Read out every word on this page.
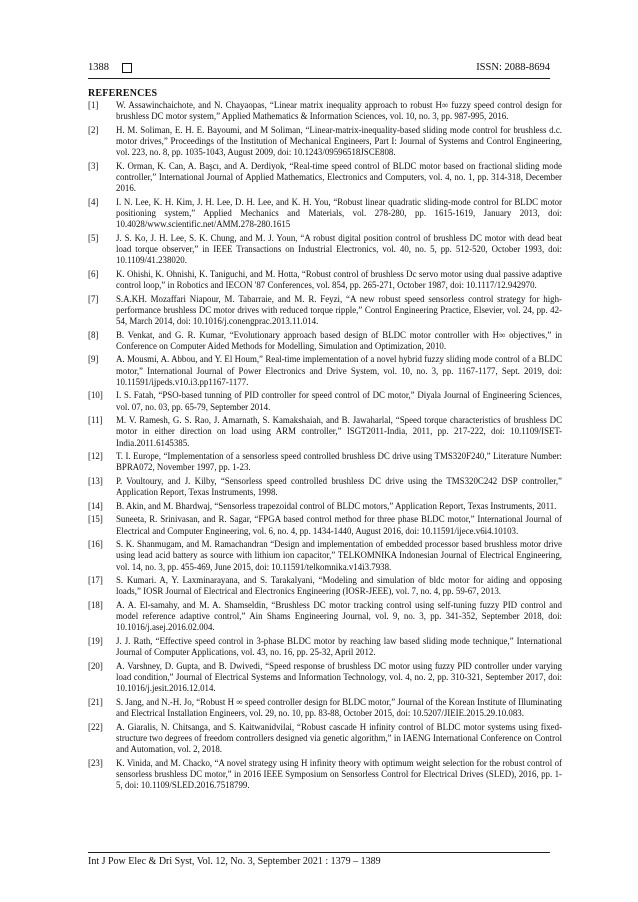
1388	ISSN: 2088-8694
REFERENCES
[1]	W. Assawinchaichote, and N. Chayaopas, “Linear matrix inequality approach to robust H∞ fuzzy speed control design for brushless DC motor system,” Applied Mathematics & Information Sciences, vol. 10, no. 3, pp. 987-995, 2016.
[2]	H. M. Soliman, E. H. E. Bayoumi, and M Soliman, “Linear-matrix-inequality-based sliding mode control for brushless d.c. motor drives,” Proceedings of the Institution of Mechanical Engineers, Part I: Journal of Systems and Control Engineering, vol. 223, no. 8, pp. 1035-1043, August 2009, doi: 10.1243/09596518JSCE808.
[3]	K. Orman, K. Can, A. Başcı, and A. Derdiyok, “Real-time speed control of BLDC motor based on fractional sliding mode controller,” International Journal of Applied Mathematics, Electronics and Computers, vol. 4, no. 1, pp. 314-318, December 2016.
[4]	I. N. Lee, K. H. Kim, J. H. Lee, D. H. Lee, and K. H. You, “Robust linear quadratic sliding-mode control for BLDC motor positioning system,” Applied Mechanics and Materials, vol. 278-280, pp. 1615-1619, January 2013, doi: 10.4028/www.scientific.net/AMM.278-280.1615
[5]	J. S. Ko, J. H. Lee, S. K. Chung, and M. J. Youn, “A robust digital position control of brushless DC motor with dead beat load torque observer,” in IEEE Transactions on Industrial Electronics, vol. 40, no. 5, pp. 512-520, October 1993, doi: 10.1109/41.238020.
[6]	K. Ohishi, K. Ohnishi, K. Taniguchi, and M. Hotta, “Robust control of brushless Dc servo motor using dual passive adaptive control loop,” in Robotics and IECON '87 Conferences, vol. 854, pp. 265-271, October 1987, doi: 10.1117/12.942970.
[7]	S.A.KH. Mozaffari Niapour, M. Tabarraie, and M. R. Feyzi, “A new robust speed sensorless control strategy for high-performance brushless DC motor drives with reduced torque ripple,” Control Engineering Practice, Elsevier, vol. 24, pp. 42-54, March 2014, doi: 10.1016/j.conengprac.2013.11.014.
[8]	B. Venkat, and G. R. Kumar, “Evolutionary approach based design of BLDC motor controller with H∞ objectives,” in Conference on Computer Aided Methods for Modelling, Simulation and Optimization, 2010.
[9]	A. Mousmi, A. Abbou, and Y. El Houm,” Real-time implementation of a novel hybrid fuzzy sliding mode control of a BLDC motor,” International Journal of Power Electronics and Drive System, vol. 10, no. 3, pp. 1167-1177, Sept. 2019, doi: 10.11591/ijpeds.v10.i3.pp1167-1177.
[10]	I. S. Fatah, “PSO-based tunning of PID controller for speed control of DC motor,” Diyala Journal of Engineering Sciences, vol. 07, no. 03, pp. 65-79, September 2014.
[11]	M. V. Ramesh, G. S. Rao, J. Amarnath, S. Kamakshaiah, and B. Jawaharlal, “Speed torque characteristics of brushless DC motor in either direction on load using ARM controller,” ISGT2011-India, 2011, pp. 217-222, doi: 10.1109/ISET-India.2011.6145385.
[12]	T. I. Europe, “Implementation of a sensorless speed controlled brushless DC drive using TMS320F240,” Literature Number: BPRA072, November 1997, pp. 1-23.
[13]	P. Voultoury, and J. Kilby, “Sensorless speed controlled brushless DC drive using the TMS320C242 DSP controller,” Application Report, Texas Instruments, 1998.
[14]	B. Akin, and M. Bhardwaj, “Sensorless trapezoidal control of BLDC motors,” Application Report, Texas Instruments, 2011.
[15]	Suneeta, R. Srinivasan, and R. Sagar, “FPGA based control method for three phase BLDC motor,” International Journal of Electrical and Computer Engineering, vol. 6, no. 4, pp. 1434-1440, August 2016, doi: 10.11591/ijece.v6i4.10103.
[16]	S. K. Shanmugam, and M. Ramachandran “Design and implementation of embedded processor based brushless motor drive using lead acid battery as source with lithium ion capacitor,” TELKOMNIKA Indonesian Journal of Electrical Engineering, vol. 14, no. 3, pp. 455-469, June 2015, doi: 10.11591/telkomnika.v14i3.7938.
[17]	S. Kumari. A, Y. Laxminarayana, and S. Tarakalyani, “Modeling and simulation of bldc motor for aiding and opposing loads,” IOSR Journal of Electrical and Electronics Engineering (IOSR-JEEE), vol. 7, no. 4, pp. 59-67, 2013.
[18]	A. A. El-samahy, and M. A. Shamseldin, “Brushless DC motor tracking control using self-tuning fuzzy PID control and model reference adaptive control,” Ain Shams Engineering Journal, vol. 9, no. 3, pp. 341-352, September 2018, doi: 10.1016/j.asej.2016.02.004.
[19]	J. J. Rath, “Effective speed control in 3-phase BLDC motor by reaching law based sliding mode technique,” International Journal of Computer Applications, vol. 43, no. 16, pp. 25-32, April 2012.
[20]	A. Varshney, D. Gupta, and B. Dwivedi, “Speed response of brushless DC motor using fuzzy PID controller under varying load condition,” Journal of Electrical Systems and Information Technology, vol. 4, no. 2, pp. 310-321, September 2017, doi: 10.1016/j.jesit.2016.12.014.
[21]	S. Jang, and N.-H. Jo, “Robust H ∞ speed controller design for BLDC motor,” Journal of the Korean Institute of Illuminating and Electrical Installation Engineers, vol. 29, no. 10, pp. 83-88, October 2015, doi: 10.5207/JIEIE.2015.29.10.083.
[22]	A. Giaralis, N. Chitsanga, and S. Kaitwanidvilai, “Robust cascade H infinity control of BLDC motor systems using fixed-structure two degrees of freedom controllers designed via genetic algorithm,” in IAENG International Conference on Control and Automation, vol. 2, 2018.
[23]	K. Vinida, and M. Chacko, “A novel strategy using H infinity theory with optimum weight selection for the robust control of sensorless brushless DC motor,” in 2016 IEEE Symposium on Sensorless Control for Electrical Drives (SLED), 2016, pp. 1-5, doi: 10.1109/SLED.2016.7518799.
Int J Pow Elec & Dri Syst, Vol. 12, No. 3, September 2021 : 1379 – 1389
